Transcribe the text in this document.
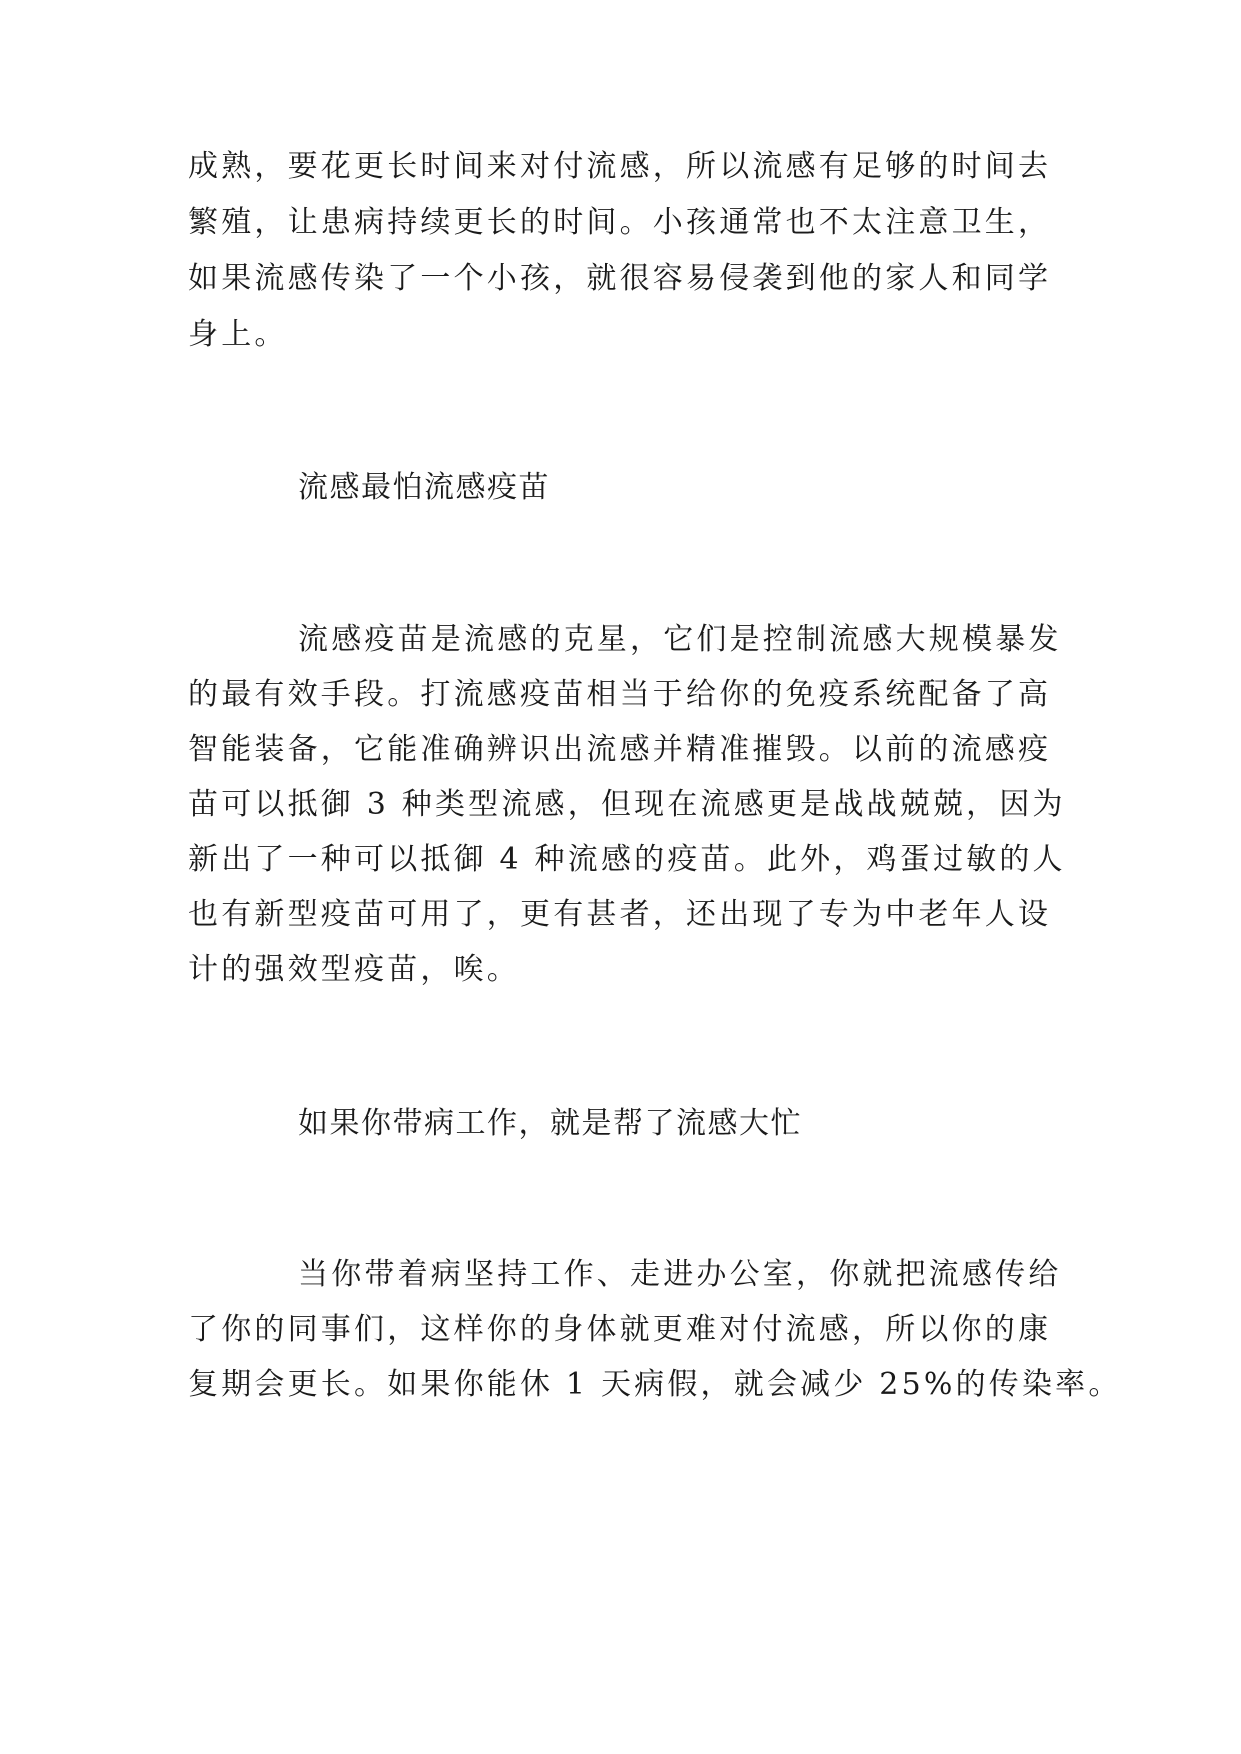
成熟，要花更长时间来对付流感，所以流感有足够的时间去
繁殖，让患病持续更长的时间。小孩通常也不太注意卫生，
如果流感传染了一个小孩，就很容易侵袭到他的家人和同学
身上。
流感最怕流感疫苗
流感疫苗是流感的克星，它们是控制流感大规模暴发
的最有效手段。打流感疫苗相当于给你的免疫系统配备了高
智能装备，它能准确辨识出流感并精准摧毁。以前的流感疫
苗可以抵御 3 种类型流感，但现在流感更是战战兢兢，因为
新出了一种可以抵御 4 种流感的疫苗。此外，鸡蛋过敏的人
也有新型疫苗可用了，更有甚者，还出现了专为中老年人设
计的强效型疫苗，唉。
如果你带病工作，就是帮了流感大忙
当你带着病坚持工作、走进办公室，你就把流感传给
了你的同事们，这样你的身体就更难对付流感，所以你的康
复期会更长。如果你能休 1 天病假，就会减少 25%的传染率。
